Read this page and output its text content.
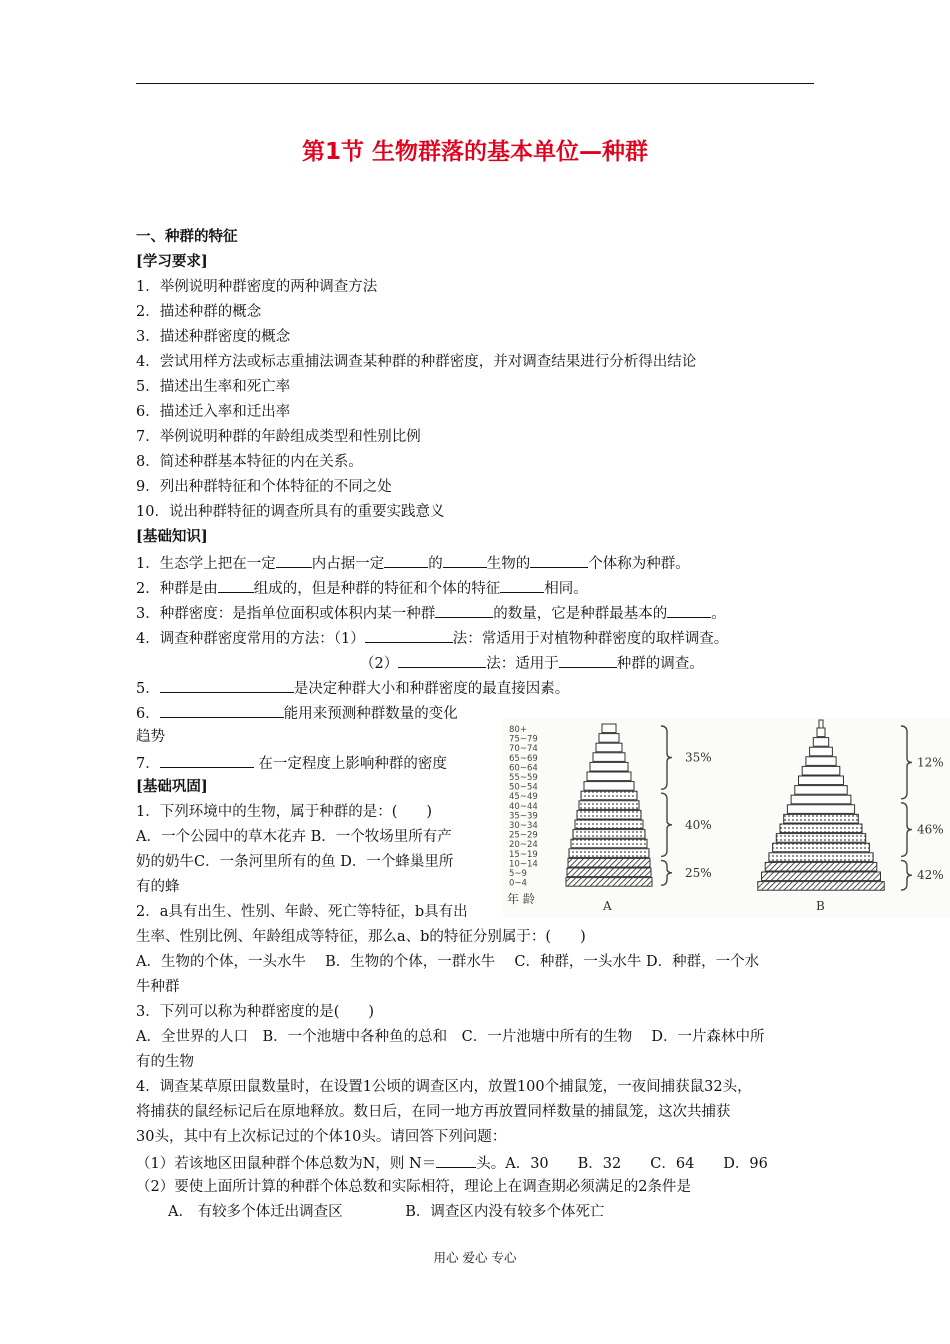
第1节 生物群落的基本单位—种群
一、种群的特征
[学习要求]
1．举例说明种群密度的两种调查方法
2．描述种群的概念
3．描述种群密度的概念
4．尝试用样方法或标志重捕法调查某种群的种群密度，并对调查结果进行分析得出结论
5．描述出生率和死亡率
6．描述迁入率和迁出率
7．举例说明种群的年龄组成类型和性别比例
8．简述种群基本特征的内在关系。
9．列出种群特征和个体特征的不同之处
10．说出种群特征的调查所具有的重要实践意义
[基础知识]
1．生态学上把在一定 内占据一定	的	生物的	个体称为种群。
2．种群是由 组成的，但是种群的特征和个体的特征	相同。
3．种群密度：是指单位面积或体积内某一种群	的数量，它是种群最基本的	。
4．调查种群密度常用的方法：（1）	法：常适用于对植物种群密度的取样调查。
（2）	法：适用于	种群的调查。
5．	是决定种群大小和种群密度的最直接因素。
6．	能用来预测种群数量的变化
趋势
7．	在一定程度上影响种群的密度
[基础巩固]
1．下列环境中的生物，属于种群的是：(　　)
A．一个公园中的草木花卉 B．一个牧场里所有产
奶的奶牛C．一条河里所有的鱼 D．一个蜂巢里所
有的蜂
2．a具有出生、性别、年龄、死亡等特征，b具有出
生率、性别比例、年龄组成等特征，那么a、b的特征分别属于：(　　)
A．生物的个体，一头水牛　 B．生物的个体，一群水牛　 C．种群，一头水牛 D．种群，一个水
牛种群
3．下列可以称为种群密度的是(　　)
A．全世界的人口　B．一个池塘中各种鱼的总和　C．一片池塘中所有的生物　 D．一片森林中所
有的生物
4．调查某草原田鼠数量时，在设置1公顷的调查区内，放置100个捕鼠笼，一夜间捕获鼠32头，
将捕获的鼠经标记后在原地释放。数日后，在同一地方再放置同样数量的捕鼠笼，这次共捕获
30头，其中有上次标记过的个体10头。请回答下列问题：
（1）若该地区田鼠种群个体总数为N，则 N＝	头。A．30　　B．32　　C．64　　D．96
（2）要使上面所计算的种群个体总数和实际相符，理论上在调查期必须满足的2条件是
A． 有较多个体迁出调查区　　　　 B．调查区内没有较多个体死亡
80+
75~79
70~74
65~69
60~64
55~59
50~54
45~49
40~44
35~39
30~34
25~29
20~24
15~19
10~14
5~9
0~4
35%
40%
25%
12%
46%
42%
年 龄	A	B
用心 爱心 专心
